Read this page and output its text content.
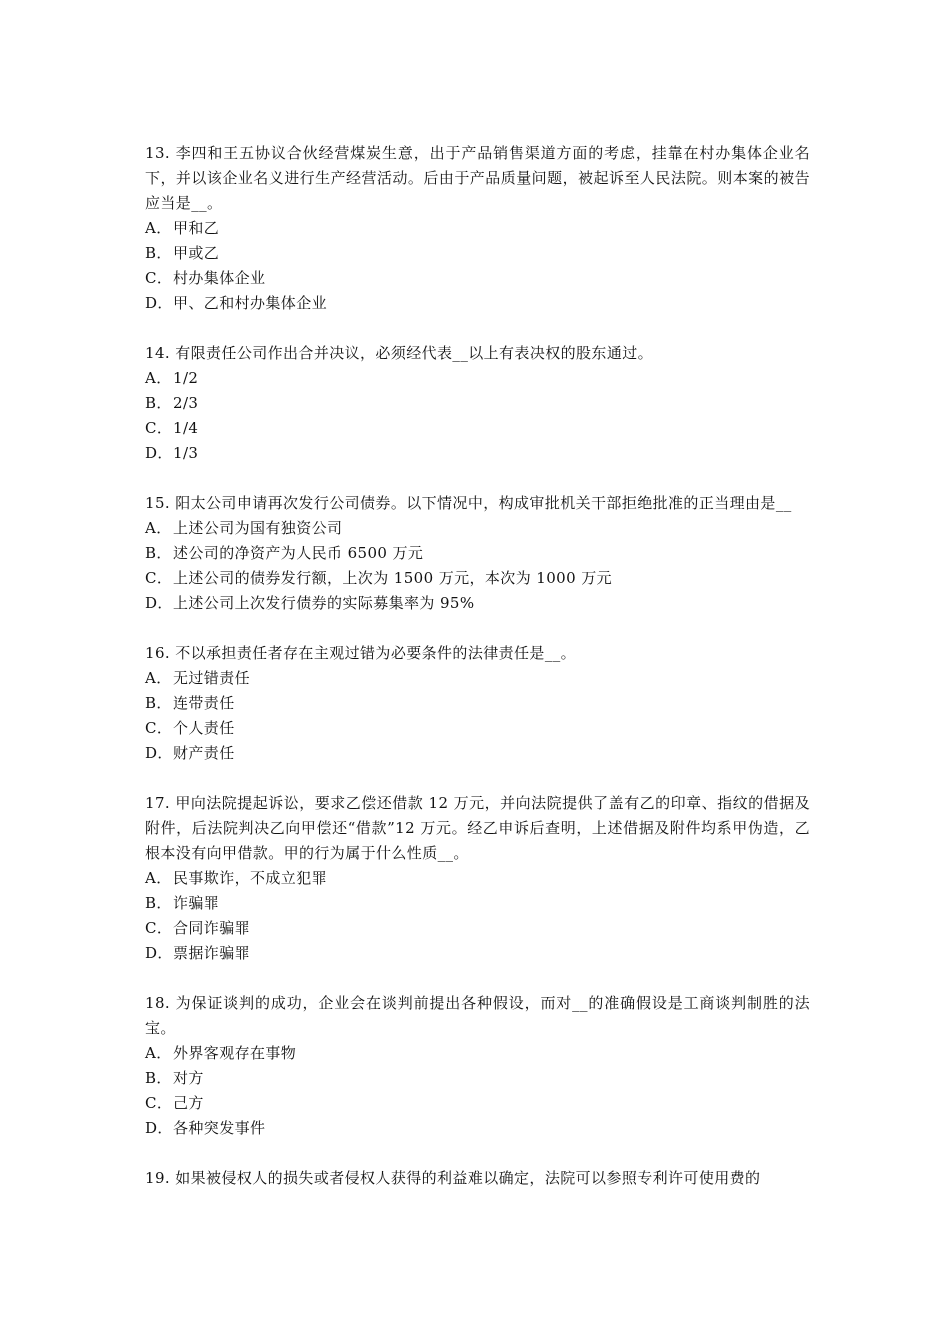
13. 李四和王五协议合伙经营煤炭生意，出于产品销售渠道方面的考虑，挂靠在村办集体企业名下，并以该企业名义进行生产经营活动。后由于产品质量问题，被起诉至人民法院。则本案的被告应当是__。
A．甲和乙
B．甲或乙
C．村办集体企业
D．甲、乙和村办集体企业
14. 有限责任公司作出合并决议，必须经代表__以上有表决权的股东通过。
A．1/2
B．2/3
C．1/4
D．1/3
15. 阳太公司申请再次发行公司债券。以下情况中，构成审批机关干部拒绝批准的正当理由是__
A．上述公司为国有独资公司
B．述公司的净资产为人民币 6500 万元
C．上述公司的债券发行额，上次为 1500 万元，本次为 1000 万元
D．上述公司上次发行债券的实际募集率为 95%
16. 不以承担责任者存在主观过错为必要条件的法律责任是__。
A．无过错责任
B．连带责任
C．个人责任
D．财产责任
17. 甲向法院提起诉讼，要求乙偿还借款 12 万元，并向法院提供了盖有乙的印章、指纹的借据及附件，后法院判决乙向甲偿还“借款”12 万元。经乙申诉后查明，上述借据及附件均系甲伪造，乙根本没有向甲借款。甲的行为属于什么性质__。
A．民事欺诈，不成立犯罪
B．诈骗罪
C．合同诈骗罪
D．票据诈骗罪
18. 为保证谈判的成功，企业会在谈判前提出各种假设，而对__的准确假设是工商谈判制胜的法宝。
A．外界客观存在事物
B．对方
C．己方
D．各种突发事件
19. 如果被侵权人的损失或者侵权人获得的利益难以确定，法院可以参照专利许可使用费的
